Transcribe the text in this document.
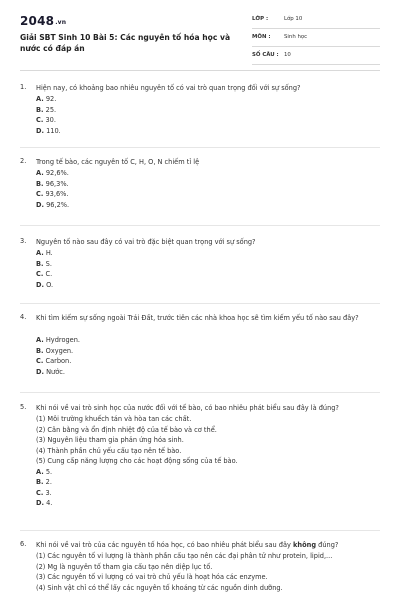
2048.vn
Giải SBT Sinh 10 Bài 5: Các nguyên tố hóa học và nước có đáp án
LỚP :	Lớp 10
MÔN :	Sinh học
SỐ CÂU : 10
1. Hiện nay, có khoảng bao nhiêu nguyên tố có vai trò quan trọng đối với sự sống?
A. 92.
B. 25.
C. 30.
D. 110.
2. Trong tế bào, các nguyên tố C, H, O, N chiếm tỉ lệ
A. 92,6%.
B. 96,3%.
C. 93,6%.
D. 96,2%.
3. Nguyên tố nào sau đây có vai trò đặc biệt quan trọng với sự sống?
A. H.
B. S.
C. C.
D. O.
4. Khi tìm kiếm sự sống ngoài Trái Đất, trước tiên các nhà khoa học sẽ tìm kiếm yếu tố nào sau đây?
A. Hydrogen.
B. Oxygen.
C. Carbon.
D. Nước.
5. Khi nói về vai trò sinh học của nước đối với tế bào, có bao nhiêu phát biểu sau đây là đúng?
(1) Môi trường khuếch tán và hòa tan các chất.
(2) Cân bằng và ổn định nhiệt độ của tế bào và cơ thể.
(3) Nguyên liệu tham gia phản ứng hóa sinh.
(4) Thành phần chủ yếu cấu tạo nên tế bào.
(5) Cung cấp năng lượng cho các hoạt động sống của tế bào.
A. 5.
B. 2.
C. 3.
D. 4.
6. Khi nói về vai trò của các nguyên tố hóa học, có bao nhiêu phát biểu sau đây không đúng?
(1) Các nguyên tố vi lượng là thành phần cấu tạo nên các đại phân tử như protein, lipid,...
(2) Mg là nguyên tố tham gia cấu tạo nên diệp lục tố.
(3) Các nguyên tố vi lượng có vai trò chủ yếu là hoạt hóa các enzyme.
(4) Sinh vật chỉ có thể lấy các nguyên tố khoáng từ các nguồn dinh dưỡng.
